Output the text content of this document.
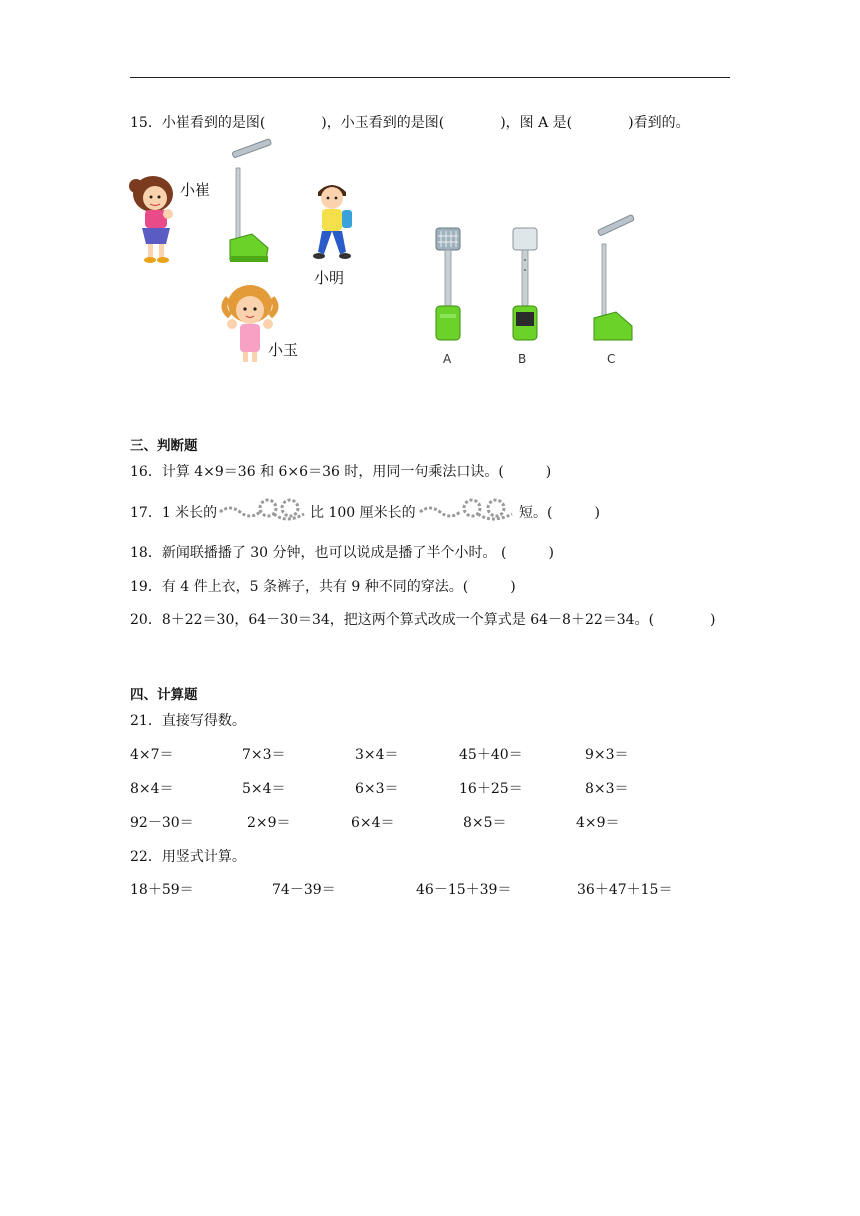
15．小崔看到的是图(　　　　)，小玉看到的是图(　　　　)，图 A 是(　　　　)看到的。
小崔
小明
小玉	A	B	C
三、判断题
16．计算 4×9＝36 和 6×6＝36 时，用同一句乘法口诀。(　　　)
17．1 米长的	比 100 厘米长的	短。(　　　)
18．新闻联播播了 30 分钟，也可以说成是播了半个小时。 (　　　)
19．有 4 件上衣，5 条裤子，共有 9 种不同的穿法。(　　　)
20．8＋22＝30，64－30＝34，把这两个算式改成一个算式是 64－8＋22＝34。(　　　　)
四、计算题
21．直接写得数。
4×7＝	7×3＝	3×4＝	45＋40＝	9×3＝
8×4＝	5×4＝	6×3＝	16＋25＝	8×3＝
92－30＝	2×9＝	6×4＝	8×5＝	4×9＝
22．用竖式计算。
18＋59＝	74－39＝	46－15＋39＝	36＋47＋15＝
